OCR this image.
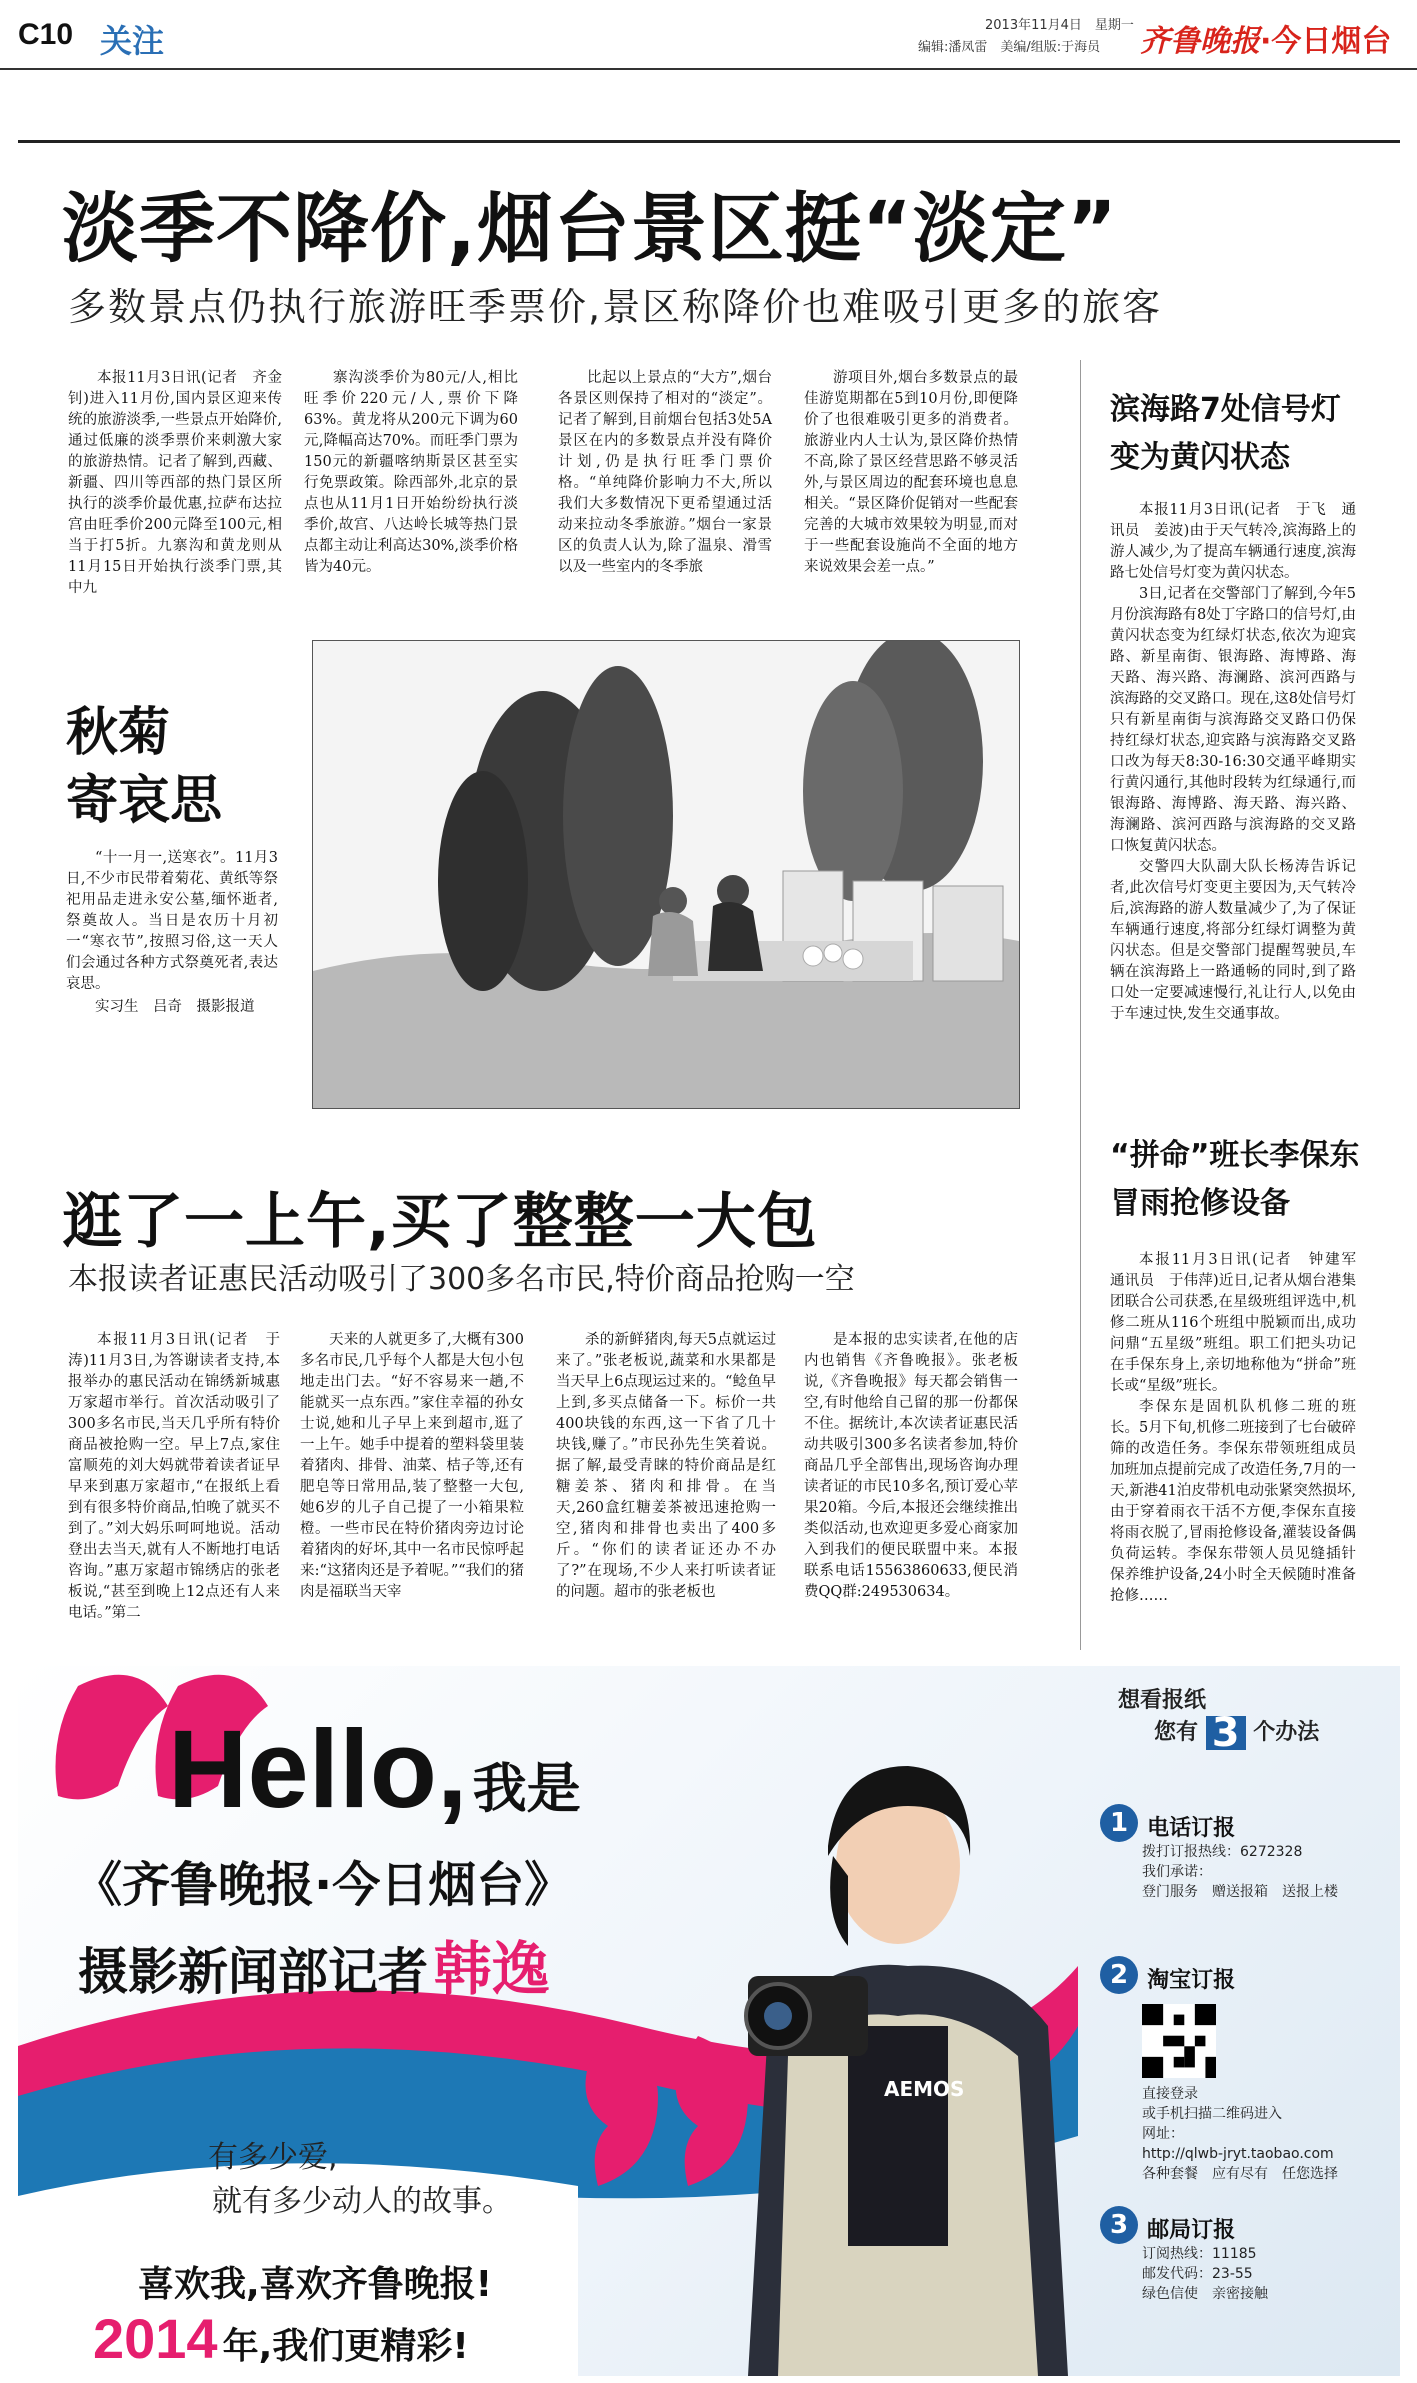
C10 关注	2013年11月4日　星期一
编辑:潘凤雷　美编/组版:于海员 齐鲁晚报·今日烟台
淡季不降价,烟台景区挺“淡定”
多数景点仍执行旅游旺季票价,景区称降价也难吸引更多的旅客

本报11月3日讯(记者　齐金钊)进入11月份,国内景区迎来传统的旅游淡季,一些景点开始降价,通过低廉的淡季票价来刺激大家的旅游热情。记者了解到,西藏、新疆、四川等西部的热门景区所执行的淡季价最优惠,拉萨布达拉宫由旺季价200元降至100元,相当于打5折。九寨沟和黄龙则从11月15日开始执行淡季门票,其中九

寨沟淡季价为80元/人,相比旺季价220元/人,票价下降63%。黄龙将从200元下调为60元,降幅高达70%。而旺季门票为150元的新疆喀纳斯景区甚至实行免票政策。除西部外,北京的景点也从11月1日开始纷纷执行淡季价,故宫、八达岭长城等热门景点都主动让利高达30%,淡季价格皆为40元。

比起以上景点的“大方”,烟台各景区则保持了相对的“淡定”。记者了解到,目前烟台包括3处5A景区在内的多数景点并没有降价计划,仍是执行旺季门票价格。“单纯降价影响力不大,所以我们大多数情况下更希望通过活动来拉动冬季旅游。”烟台一家景区的负责人认为,除了温泉、滑雪以及一些室内的冬季旅

游项目外,烟台多数景点的最佳游览期都在5到10月份,即便降价了也很难吸引更多的消费者。旅游业内人士认为,景区降价热情不高,除了景区经营思路不够灵活外,与景区周边的配套环境也息息相关。“景区降价促销对一些配套完善的大城市效果较为明显,而对于一些配套设施尚不全面的地方来说效果会差一点。”

秋菊
寄哀思

“十一月一,送寒衣”。11月3日,不少市民带着菊花、黄纸等祭祀用品走进永安公墓,缅怀逝者,祭奠故人。当日是农历十月初一“寒衣节”,按照习俗,这一天人们会通过各种方式祭奠死者,表达哀思。

实习生　吕奇　摄影报道

逛了一上午,买了整整一大包
本报读者证惠民活动吸引了300多名市民,特价商品抢购一空

本报11月3日讯(记者　于涛)11月3日,为答谢读者支持,本报举办的惠民活动在锦绣新城惠万家超市举行。首次活动吸引了300多名市民,当天几乎所有特价商品被抢购一空。早上7点,家住富顺苑的刘大妈就带着读者证早早来到惠万家超市,“在报纸上看到有很多特价商品,怕晚了就买不到了。”刘大妈乐呵呵地说。活动登出去当天,就有人不断地打电话咨询。”惠万家超市锦绣店的张老板说,“甚至到晚上12点还有人来电话。”第二

天来的人就更多了,大概有300多名市民,几乎每个人都是大包小包地走出门去。“好不容易来一趟,不能就买一点东西。”家住幸福的孙女士说,她和儿子早上来到超市,逛了一上午。她手中提着的塑料袋里装着猪肉、排骨、油菜、桔子等,还有肥皂等日常用品,装了整整一大包,她6岁的儿子自己提了一小箱果粒橙。一些市民在特价猪肉旁边讨论着猪肉的好坏,其中一名市民惊呼起来:“这猪肉还是予着呢。”“我们的猪肉是福联当天宰

杀的新鲜猪肉,每天5点就运过来了。”张老板说,蔬菜和水果都是当天早上6点现运过来的。“鲶鱼早上到,多买点储备一下。标价一共400块钱的东西,这一下省了几十块钱,赚了。”市民孙先生笑着说。据了解,最受青睐的特价商品是红糖姜茶、猪肉和排骨。在当天,260盒红糖姜茶被迅速抢购一空,猪肉和排骨也卖出了400多斤。“你们的读者证还办不办了?”在现场,不少人来打听读者证的问题。超市的张老板也

是本报的忠实读者,在他的店内也销售《齐鲁晚报》。张老板说,《齐鲁晚报》每天都会销售一空,有时他给自己留的那一份都保不住。据统计,本次读者证惠民活动共吸引300多名读者参加,特价商品几乎全部售出,现场咨询办理读者证的市民10多名,预订爱心苹果20箱。今后,本报还会继续推出类似活动,也欢迎更多爱心商家加入到我们的便民联盟中来。本报联系电话15563860633,便民消费QQ群:249530634。

滨海路7处信号灯
变为黄闪状态

本报11月3日讯(记者　于飞　通讯员　姜波)由于天气转冷,滨海路上的游人减少,为了提高车辆通行速度,滨海路七处信号灯变为黄闪状态。

3日,记者在交警部门了解到,今年5月份滨海路有8处丁字路口的信号灯,由黄闪状态变为红绿灯状态,依次为迎宾路、新星南街、银海路、海博路、海天路、海兴路、海澜路、滨河西路与滨海路的交叉路口。现在,这8处信号灯只有新星南街与滨海路交叉路口仍保持红绿灯状态,迎宾路与滨海路交叉路口改为每天8:30-16:30交通平峰期实行黄闪通行,其他时段转为红绿通行,而银海路、海博路、海天路、海兴路、海澜路、滨河西路与滨海路的交叉路口恢复黄闪状态。

交警四大队副大队长杨涛告诉记者,此次信号灯变更主要因为,天气转冷后,滨海路的游人数量减少了,为了保证车辆通行速度,将部分红绿灯调整为黄闪状态。但是交警部门提醒驾驶员,车辆在滨海路上一路通畅的同时,到了路口处一定要减速慢行,礼让行人,以免由于车速过快,发生交通事故。

“拼命”班长李保东
冒雨抢修设备

本报11月3日讯(记者　钟建军　通讯员　于伟萍)近日,记者从烟台港集团联合公司获悉,在星级班组评选中,机修二班从116个班组中脱颖而出,成功问鼎“五星级”班组。职工们把头功记在手保东身上,亲切地称他为“拼命”班长或“星级”班长。

李保东是固机队机修二班的班长。5月下旬,机修二班接到了七台破碎筛的改造任务。李保东带领班组成员加班加点提前完成了改造任务,7月的一天,新港41泊皮带机电动张紧突然损坏,由于穿着雨衣干活不方便,李保东直接将雨衣脱了,冒雨抢修设备,灌装设备偶负荷运转。李保东带领人员见缝插针保养维护设备,24小时全天候随时准备抢修……

Hello, 我是
《齐鲁晚报·今日烟台》
摄影新闻部记者 韩逸
有多少爱,
就有多少动人的故事。
喜欢我,喜欢齐鲁晚报!
2014 年,我们更精彩!
AEMOS
想看报纸
您有 3 个办法
1 电话订报
拨打订报热线：6272328
我们承诺：
登门服务　赠送报箱　送报上楼
2 淘宝订报
直接登录
或手机扫描二维码进入
网址：
http://qlwb-jryt.taobao.com
各种套餐　应有尽有　任您选择
3 邮局订报
订阅热线：11185
邮发代码：23-55
绿色信使　亲密接触
